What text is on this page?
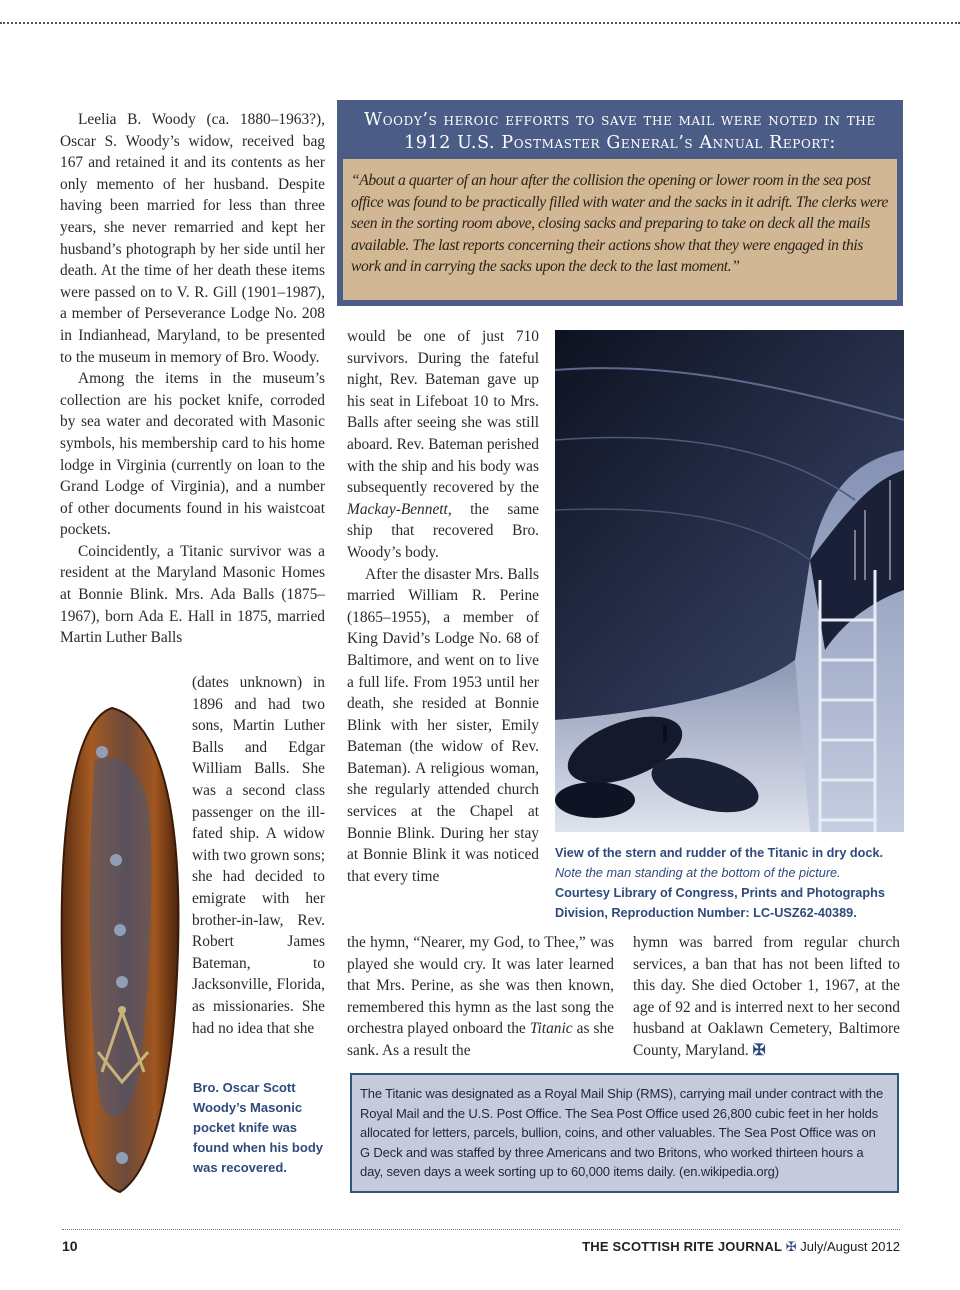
Leelia B. Woody (ca. 1880–1963?), Oscar S. Woody’s widow, received bag 167 and retained it and its contents as her only memento of her husband. Despite having been married for less than three years, she never remarried and kept her husband’s photograph by her side until her death. At the time of her death these items were passed on to V. R. Gill (1901–1987), a member of Perseverance Lodge No. 208 in Indianhead, Maryland, to be presented to the museum in memory of Bro. Woody.

Among the items in the museum’s collection are his pocket knife, corroded by sea water and decorated with Masonic symbols, his membership card to his home lodge in Virginia (currently on loan to the Grand Lodge of Virginia), and a number of other documents found in his waistcoat pockets.

Coincidently, a Titanic survivor was a resident at the Maryland Masonic Homes at Bonnie Blink. Mrs. Ada Balls (1875–1967), born Ada E. Hall in 1875, married Martin Luther Balls

(dates unknown) in 1896 and had two sons, Martin Luther Balls and Edgar William Balls. She was a second class passenger on the ill-fated ship. A widow with two grown sons; she had decided to emigrate with her brother-in-law, Rev. Robert James Bateman, to Jacksonville, Florida, as missionaries. She had no idea that she

Woody’s heroic efforts to save the mail were noted in the 1912 U.S. Postmaster General’s Annual Report:
“About a quarter of an hour after the collision the opening or lower room in the sea post office was found to be practically filled with water and the sacks in it adrift. The clerks were seen in the sorting room above, closing sacks and preparing to take on deck all the mails available. The last reports concerning their actions show that they were engaged in this work and in carrying the sacks upon the deck to the last moment.”

would be one of just 710 survivors. During the fateful night, Rev. Bateman gave up his seat in Lifeboat 10 to Mrs. Balls after seeing she was still aboard. Rev. Bateman perished with the ship and his body was subsequently recovered by the Mackay-Bennett, the same ship that recovered Bro. Woody’s body.

After the disaster Mrs. Balls married William R. Perine (1865–1955), a member of King David’s Lodge No. 68 of Baltimore, and went on to live a full life. From 1953 until her death, she resided at Bonnie Blink with her sister, Emily Bateman (the widow of Rev. Bateman). A religious woman, she regularly attended church services at the Chapel at Bonnie Blink. During her stay at Bonnie Blink it was noticed that every time

View of the stern and rudder of the Titanic in dry dock.
Note the man standing at the bottom of the picture.
Courtesy Library of Congress, Prints and Photographs Division, Reproduction Number: LC-USZ62-40389.

the hymn, “Nearer, my God, to Thee,” was played she would cry. It was later learned that Mrs. Perine, as she was then known, remembered this hymn as the last song the orchestra played onboard the Titanic as she sank. As a result the

hymn was barred from regular church services, a ban that has not been lifted to this day. She died October 1, 1967, at the age of 92 and is interred next to her second husband at Oaklawn Cemetery, Baltimore County, Maryland. ✠

Bro. Oscar Scott Woody’s Masonic pocket knife was found when his body was recovered.
The Titanic was designated as a Royal Mail Ship (RMS), carrying mail under contract with the Royal Mail and the U.S. Post Office. The Sea Post Office used 26,800 cubic feet in her holds allocated for letters, parcels, bullion, coins, and other valuables. The Sea Post Office was on G Deck and was staffed by three Americans and two Britons, who worked thirteen hours a day, seven days a week sorting up to 60,000 items daily. (en.wikipedia.org)
10	THE SCOTTISH RITE JOURNAL ✠ July/August 2012
